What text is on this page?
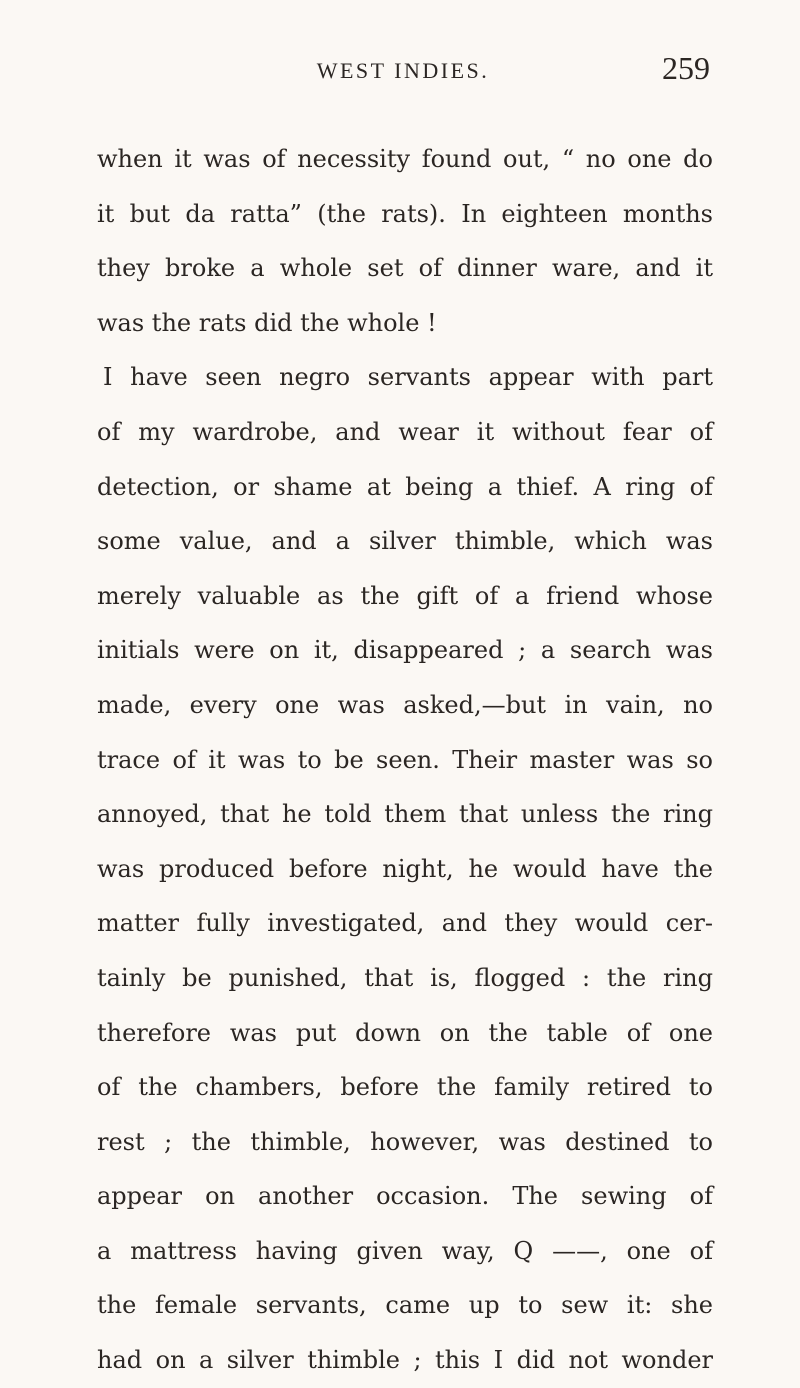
WEST INDIES.	259
when it was of necessity found out, “ no one do
it but da ratta” (the rats). In eighteen months
they broke a whole set of dinner ware, and it
was the rats did the whole !
I have seen negro servants appear with part
of my wardrobe, and wear it without fear of
detection, or shame at being a thief. A ring of
some value, and a silver thimble, which was
merely valuable as the gift of a friend whose
initials were on it, disappeared ; a search was
made, every one was asked,—but in vain, no
trace of it was to be seen. Their master was so
annoyed, that he told them that unless the ring
was produced before night, he would have the
matter fully investigated, and they would cer-
tainly be punished, that is, flogged : the ring
therefore was put down on the table of one
of the chambers, before the family retired to
rest ; the thimble, however, was destined to
appear on another occasion. The sewing of
a mattress having given way, Q ——, one of
the female servants, came up to sew it: she
had on a silver thimble ; this I did not wonder
